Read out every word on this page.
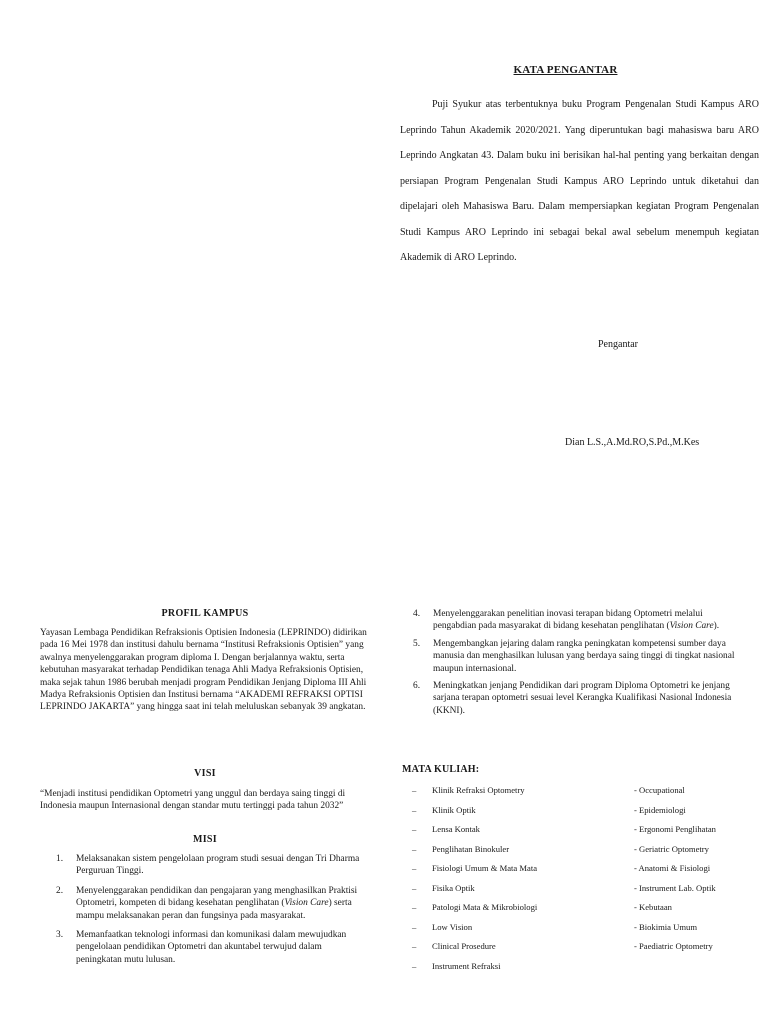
KATA PENGANTAR

Puji Syukur atas terbentuknya buku Program Pengenalan Studi Kampus ARO Leprindo Tahun Akademik 2020/2021. Yang diperuntukan bagi mahasiswa baru ARO Leprindo Angkatan 43. Dalam buku ini berisikan hal-hal penting yang berkaitan dengan persiapan Program Pengenalan Studi Kampus ARO Leprindo untuk diketahui dan dipelajari oleh Mahasiswa Baru. Dalam mempersiapkan kegiatan Program Pengenalan Studi Kampus ARO Leprindo ini sebagai bekal awal sebelum menempuh kegiatan Akademik di ARO Leprindo.

Pengantar
Dian L.S.,A.Md.RO,S.Pd.,M.Kes
PROFIL KAMPUS

Yayasan Lembaga Pendidikan Refraksionis Optisien Indonesia (LEPRINDO) didirikan pada 16 Mei 1978 dan institusi dahulu bernama “Institusi Refraksionis Optisien” yang awalnya menyelenggarakan program diploma I. Dengan berjalannya waktu, serta kebutuhan masyarakat terhadap Pendidikan tenaga Ahli Madya Refraksionis Optisien, maka sejak tahun 1986 berubah menjadi program Pendidikan Jenjang Diploma III Ahli Madya Refraksionis Optisien dan Institusi bernama “AKADEMI REFRAKSI OPTISI LEPRINDO JAKARTA” yang hingga saat ini telah meluluskan sebanyak 39 angkatan.

VISI

“Menjadi institusi pendidikan Optometri yang unggul dan berdaya saing tinggi di Indonesia maupun Internasional dengan standar mutu tertinggi pada tahun 2032”

MISI
1.	Melaksanakan sistem pengelolaan program studi sesuai dengan Tri Dharma Perguruan Tinggi.
2.	Menyelenggarakan pendidikan dan pengajaran yang menghasilkan Praktisi Optometri, kompeten di bidang kesehatan penglihatan (Vision Care) serta mampu melaksanakan peran dan fungsinya pada masyarakat.
3.	Memanfaatkan teknologi informasi dan komunikasi dalam mewujudkan pengelolaan pendidikan Optometri dan akuntabel terwujud dalam peningkatan mutu lulusan.
4.	Menyelenggarakan penelitian inovasi terapan bidang Optometri melalui pengabdian pada masyarakat di bidang kesehatan penglihatan (Vision Care).
5.	Mengembangkan jejaring dalam rangka peningkatan kompetensi sumber daya manusia dan menghasilkan lulusan yang berdaya saing tinggi di tingkat nasional maupun internasional.
6.	Meningkatkan jenjang Pendidikan dari program Diploma Optometri ke jenjang sarjana terapan optometri sesuai level Kerangka Kualifikasi Nasional Indonesia (KKNI).
MATA KULIAH:
–	Klinik Refraksi Optometry	- Occupational
–	Klinik Optik	- Epidemiologi
–	Lensa Kontak	- Ergonomi Penglihatan
–	Penglihatan Binokuler	- Geriatric Optometry
–	Fisiologi Umum & Mata Mata	- Anatomi & Fisiologi
–	Fisika Optik	- Instrument Lab. Optik
–	Patologi Mata & Mikrobiologi	- Kebutaan
–	Low Vision	- Biokimia Umum
–	Clinical Prosedure	- Paediatric Optometry
–	Instrument Refraksi
